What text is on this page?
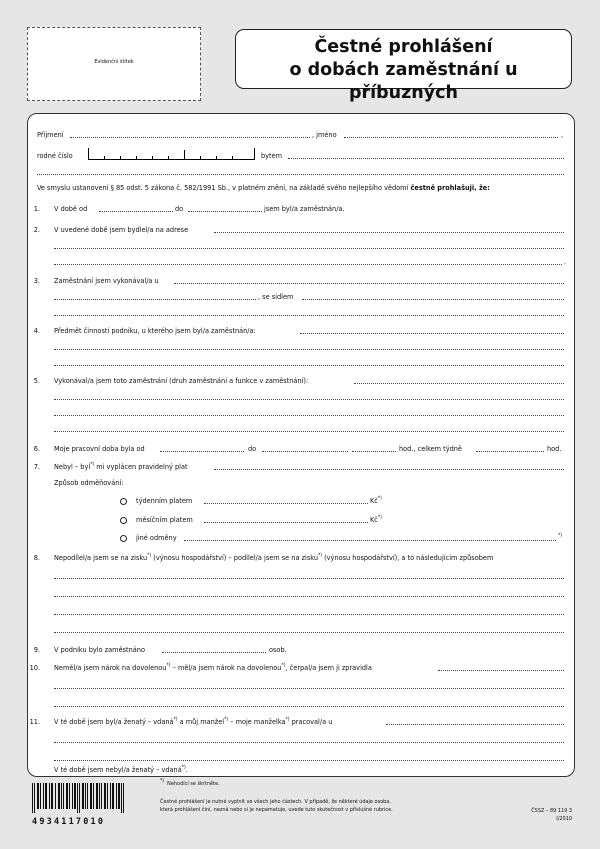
Evidenční štítek
Čestné prohlášení
o dobách zaměstnání u příbuzných
Příjmení	, jméno	,
rodné číslo	bytem
Ve smyslu ustanovení § 85 odst. 5 zákona č. 582/1991 Sb., v platném znění, na základě svého nejlepšího vědomí čestně prohlašuji, že:
1. V době od	do	jsem byl/a zaměstnán/a.
2. V uvedené době jsem bydlel/a na adrese
.
3. Zaměstnání jsem vykonával/a u
, se sídlem
4. Předmět činnosti podniku, u kterého jsem byl/a zaměstnán/a:
5. Vykonával/a jsem toto zaměstnání (druh zaměstnání a funkce v zaměstnání):
6. Moje pracovní doba byla od	do	hod., celkem týdně	hod.
7. Nebyl – byl*) mi vyplácen pravidelný plat
Způsob odměňování:
týdenním platem	Kč*)
měsíčním platem	Kč*)
jiné odměny	*)
8. Nepodílel/a jsem se na zisku*) (výnosu hospodářství) – podílel/a jsem se na zisku*) (výnosu hospodářství), a to následujícím způsobem
9. V podniku bylo zaměstnáno	osob.
10. Neměl/a jsem nárok na dovolenou*) – měl/a jsem nárok na dovolenou*), čerpal/a jsem ji zpravidla
11. V té době jsem byl/a ženatý – vdaná*) a můj manžel*) – moje manželka*) pracoval/a u
V té době jsem nebyl/a ženatý – vdaná*).
*) Nehodící se škrtněte.
Čestné prohlášení je nutné vyplnit ve všech jeho částech. V případě, že některé údaje osoba,
která prohlášení činí, nezná nebo si je nepamatuje, uvede tuto skutečnost v příslušné rubrice.	ČSSZ – 89 119 3
I/2010
4934117010
